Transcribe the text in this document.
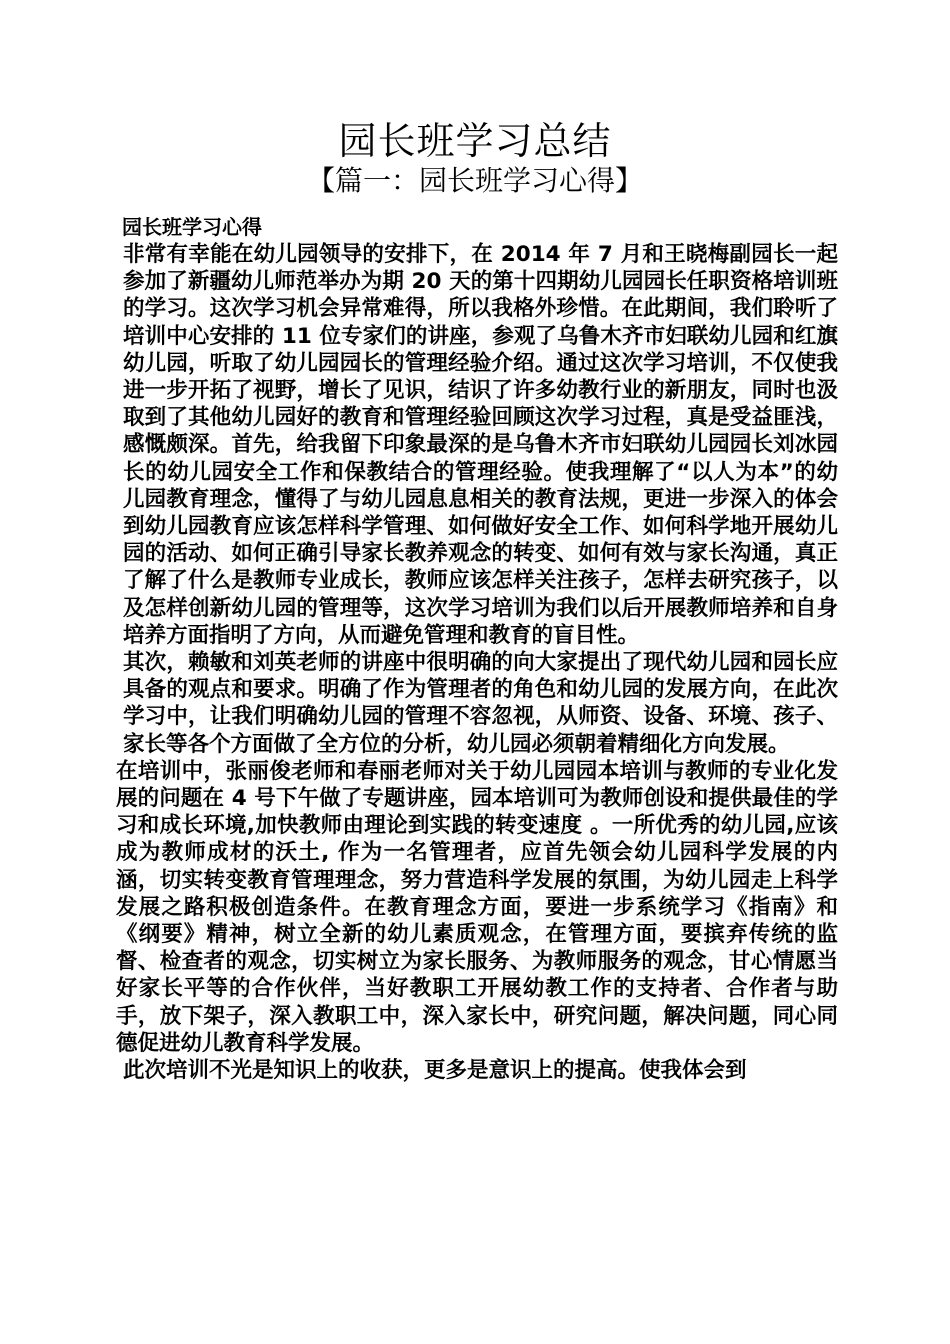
园长班学习总结
【篇一：园长班学习心得】

园长班学习心得

非常有幸能在幼儿园领导的安排下，在 2014 年 7 月和王晓梅副园长一起参加了新疆幼儿师范举办为期 20 天的第十四期幼儿园园长任职资格培训班的学习。这次学习机会异常难得，所以我格外珍惜。在此期间，我们聆听了培训中心安排的 11 位专家们的讲座，参观了乌鲁木齐市妇联幼儿园和红旗幼儿园，听取了幼儿园园长的管理经验介绍。通过这次学习培训，不仅使我进一步开拓了视野，增长了见识，结识了许多幼教行业的新朋友，同时也汲取到了其他幼儿园好的教育和管理经验回顾这次学习过程，真是受益匪浅，感慨颇深。首先，给我留下印象最深的是乌鲁木齐市妇联幼儿园园长刘冰园长的幼儿园安全工作和保教结合的管理经验。使我理解了“以人为本”的幼儿园教育理念，懂得了与幼儿园息息相关的教育法规，更进一步深入的体会到幼儿园教育应该怎样科学管理、如何做好安全工作、如何科学地开展幼儿园的活动、如何正确引导家长教养观念的转变、如何有效与家长沟通，真正了解了什么是教师专业成长，教师应该怎样关注孩子，怎样去研究孩子，以及怎样创新幼儿园的管理等，这次学习培训为我们以后开展教师培养和自身培养方面指明了方向，从而避免管理和教育的盲目性。

其次，赖敏和刘英老师的讲座中很明确的向大家提出了现代幼儿园和园长应具备的观点和要求。明确了作为管理者的角色和幼儿园的发展方向，在此次学习中，让我们明确幼儿园的管理不容忽视，从师资、设备、环境、孩子、家长等各个方面做了全方位的分析，幼儿园必须朝着精细化方向发展。

在培训中，张丽俊老师和春丽老师对关于幼儿园园本培训与教师的专业化发展的问题在 4 号下午做了专题讲座，园本培训可为教师创设和提供最佳的学习和成长环境,加快教师由理论到实践的转变速度 。一所优秀的幼儿园,应该成为教师成材的沃土, 作为一名管理者，应首先领会幼儿园科学发展的内涵，切实转变教育管理理念，努力营造科学发展的氛围，为幼儿园走上科学发展之路积极创造条件。在教育理念方面，要进一步系统学习《指南》和《纲要》精神，树立全新的幼儿素质观念，在管理方面，要摈弃传统的监督、检查者的观念，切实树立为家长服务、为教师服务的观念，甘心情愿当好家长平等的合作伙伴，当好教职工开展幼教工作的支持者、合作者与助手，放下架子，深入教职工中，深入家长中，研究问题，解决问题，同心同德促进幼儿教育科学发展。

此次培训不光是知识上的收获，更多是意识上的提高。使我体会到
